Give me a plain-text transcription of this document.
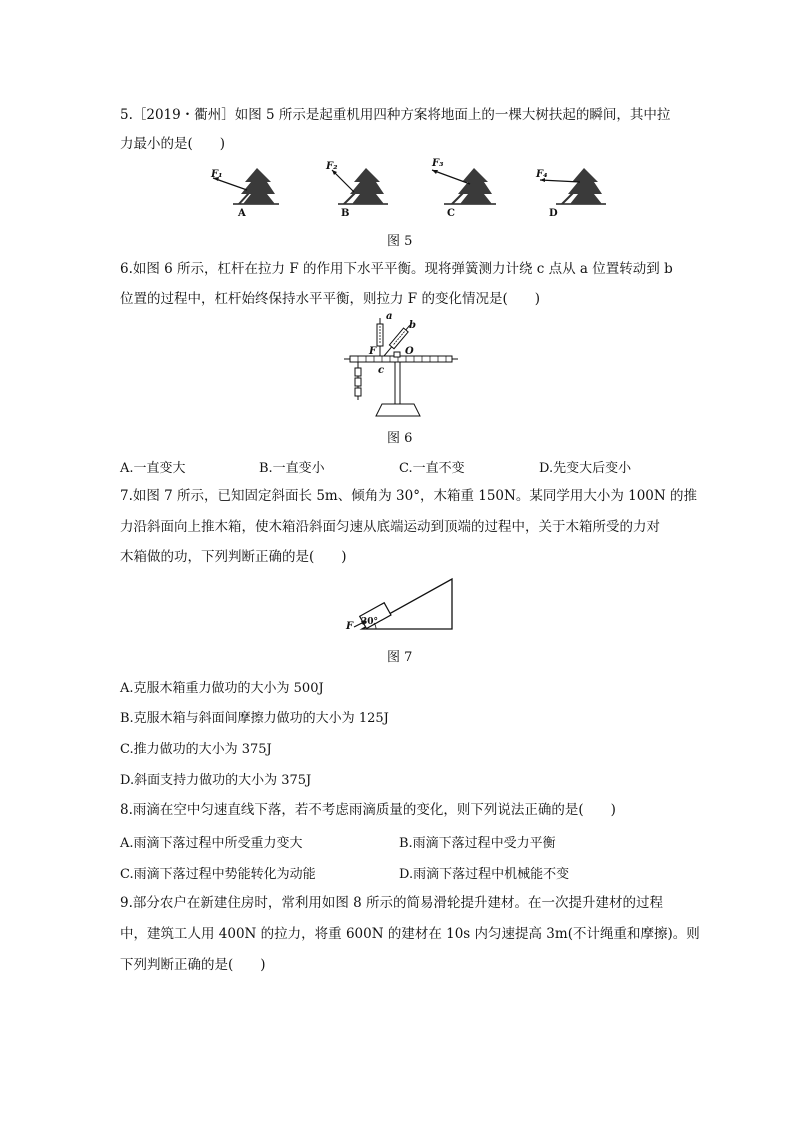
5.［2019・衢州］如图 5 所示是起重机用四种方案将地面上的一棵大树扶起的瞬间，其中拉
力最小的是(　　)
F₁
A
F₂
B
F₃
C
F₄
D
图 5
6.如图 6 所示，杠杆在拉力 F 的作用下水平平衡。现将弹簧测力计绕 c 点从 a 位置转动到 b
位置的过程中，杠杆始终保持水平平衡，则拉力 F 的变化情况是(　　)
a
b
F	O
c
图 6
A.一直变大	B.一直变小	C.一直不变	D.先变大后变小
7.如图 7 所示，已知固定斜面长 5m、倾角为 30°，木箱重 150N。某同学用大小为 100N 的推
力沿斜面向上推木箱，使木箱沿斜面匀速从底端运动到顶端的过程中，关于木箱所受的力对
木箱做的功，下列判断正确的是(　　)
F 30°
图 7
A.克服木箱重力做功的大小为 500J
B.克服木箱与斜面间摩擦力做功的大小为 125J
C.推力做功的大小为 375J
D.斜面支持力做功的大小为 375J
8.雨滴在空中匀速直线下落，若不考虑雨滴质量的变化，则下列说法正确的是(　　)
A.雨滴下落过程中所受重力变大	B.雨滴下落过程中受力平衡
C.雨滴下落过程中势能转化为动能	D.雨滴下落过程中机械能不变
9.部分农户在新建住房时，常利用如图 8 所示的简易滑轮提升建材。在一次提升建材的过程
中，建筑工人用 400N 的拉力，将重 600N 的建材在 10s 内匀速提高 3m(不计绳重和摩擦)。则
下列判断正确的是(　　)
